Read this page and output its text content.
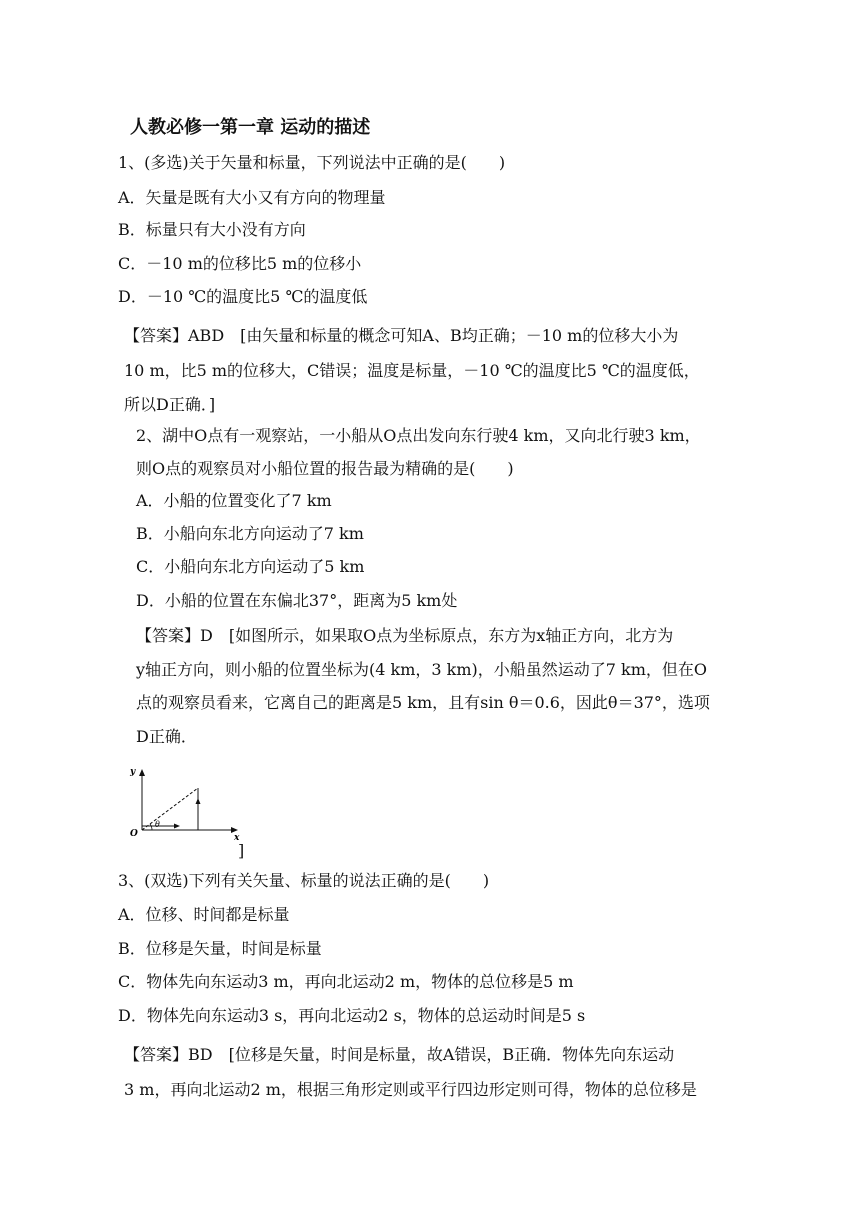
人教必修一第一章 运动的描述
1、(多选)关于矢量和标量，下列说法中正确的是(　　)
A．矢量是既有大小又有方向的物理量
B．标量只有大小没有方向
C．－10 m的位移比5 m的位移小
D．－10 ℃的温度比5 ℃的温度低
【答案】ABD　[由矢量和标量的概念可知A、B均正确；－10 m的位移大小为
10 m，比5 m的位移大，C错误；温度是标量，－10 ℃的温度比5 ℃的温度低，
所以D正确．]
2、湖中O点有一观察站，一小船从O点出发向东行驶4 km，又向北行驶3 km，
则O点的观察员对小船位置的报告最为精确的是(　　)
A．小船的位置变化了7 km
B．小船向东北方向运动了7 km
C．小船向东北方向运动了5 km
D．小船的位置在东偏北37°，距离为5 km处
【答案】D　[如图所示，如果取O点为坐标原点，东方为x轴正方向，北方为
y轴正方向，则小船的位置坐标为(4 km，3 km)，小船虽然运动了7 km，但在O
点的观察员看来，它离自己的距离是5 km，且有sin θ＝0.6，因此θ＝37°，选项
D正确．
y
x
O
θ
]
3、(双选)下列有关矢量、标量的说法正确的是(　　)
A．位移、时间都是标量
B．位移是矢量，时间是标量
C．物体先向东运动3 m，再向北运动2 m，物体的总位移是5 m
D．物体先向东运动3 s，再向北运动2 s，物体的总运动时间是5 s
【答案】BD　[位移是矢量，时间是标量，故A错误，B正确．物体先向东运动
3 m，再向北运动2 m，根据三角形定则或平行四边形定则可得，物体的总位移是
